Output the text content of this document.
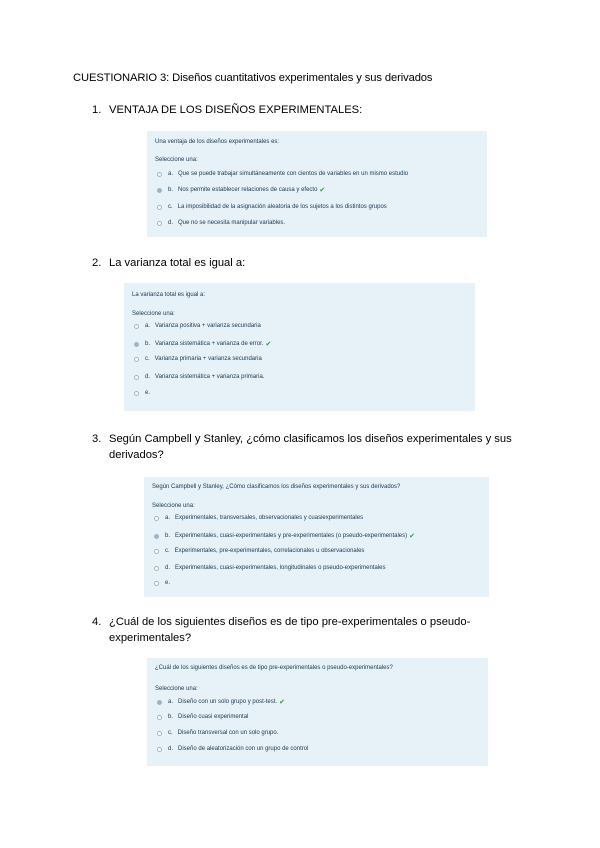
CUESTIONARIO 3: Diseños cuantitativos experimentales y sus derivados
1. VENTAJA DE LOS DISEÑOS EXPERIMENTALES:
Una ventaja de los diseños experimentales es:
Seleccione una:
a. Que se puede trabajar simultáneamente con cientos de variables en un mismo estudio
b. Nos permite establecer relaciones de causa y efecto ✔
c. La imposibilidad de la asignación aleatoria de los sujetos a los distintos grupos
d. Que no se necesita manipular variables.
2. La varianza total es igual a:
La varianza total es igual a:
Seleccione una:
a. Varianza positiva + varianza secundaria
b. Varianza sistemática + varianza de error. ✔
c. Varianza primaria + varianza secundaria
d. Varianza sistemática + varianza primaria.
e.
3. Según Campbell y Stanley, ¿cómo clasificamos los diseños experimentales y sus derivados?
Según Campbell y Stanley, ¿Cómo clasificamos los diseños experimentales y sus derivados?
Seleccione una:
a. Experimentales, transversales, observacionales y cuasiexperimentales
b. Experimentales, cuasi-experimentales y pre-experimentales (o pseudo-experimentales) ✔
c. Experimentales, pre-experimentales, correlacionales u observacionales
d. Experimentales, cuasi-experimentales, longitudinales o pseudo-experimentales
e.
4. ¿Cuál de los siguientes diseños es de tipo pre-experimentales o pseudo-experimentales?
¿Cuál de los siguientes diseños es de tipo pre-experimentales o pseudo-experimentales?
Seleccione una:
a. Diseño con un solo grupo y post-test. ✔
b. Diseño cuasi experimental
c. Diseño transversal con un solo grupo.
d. Diseño de aleatorización con un grupo de control
